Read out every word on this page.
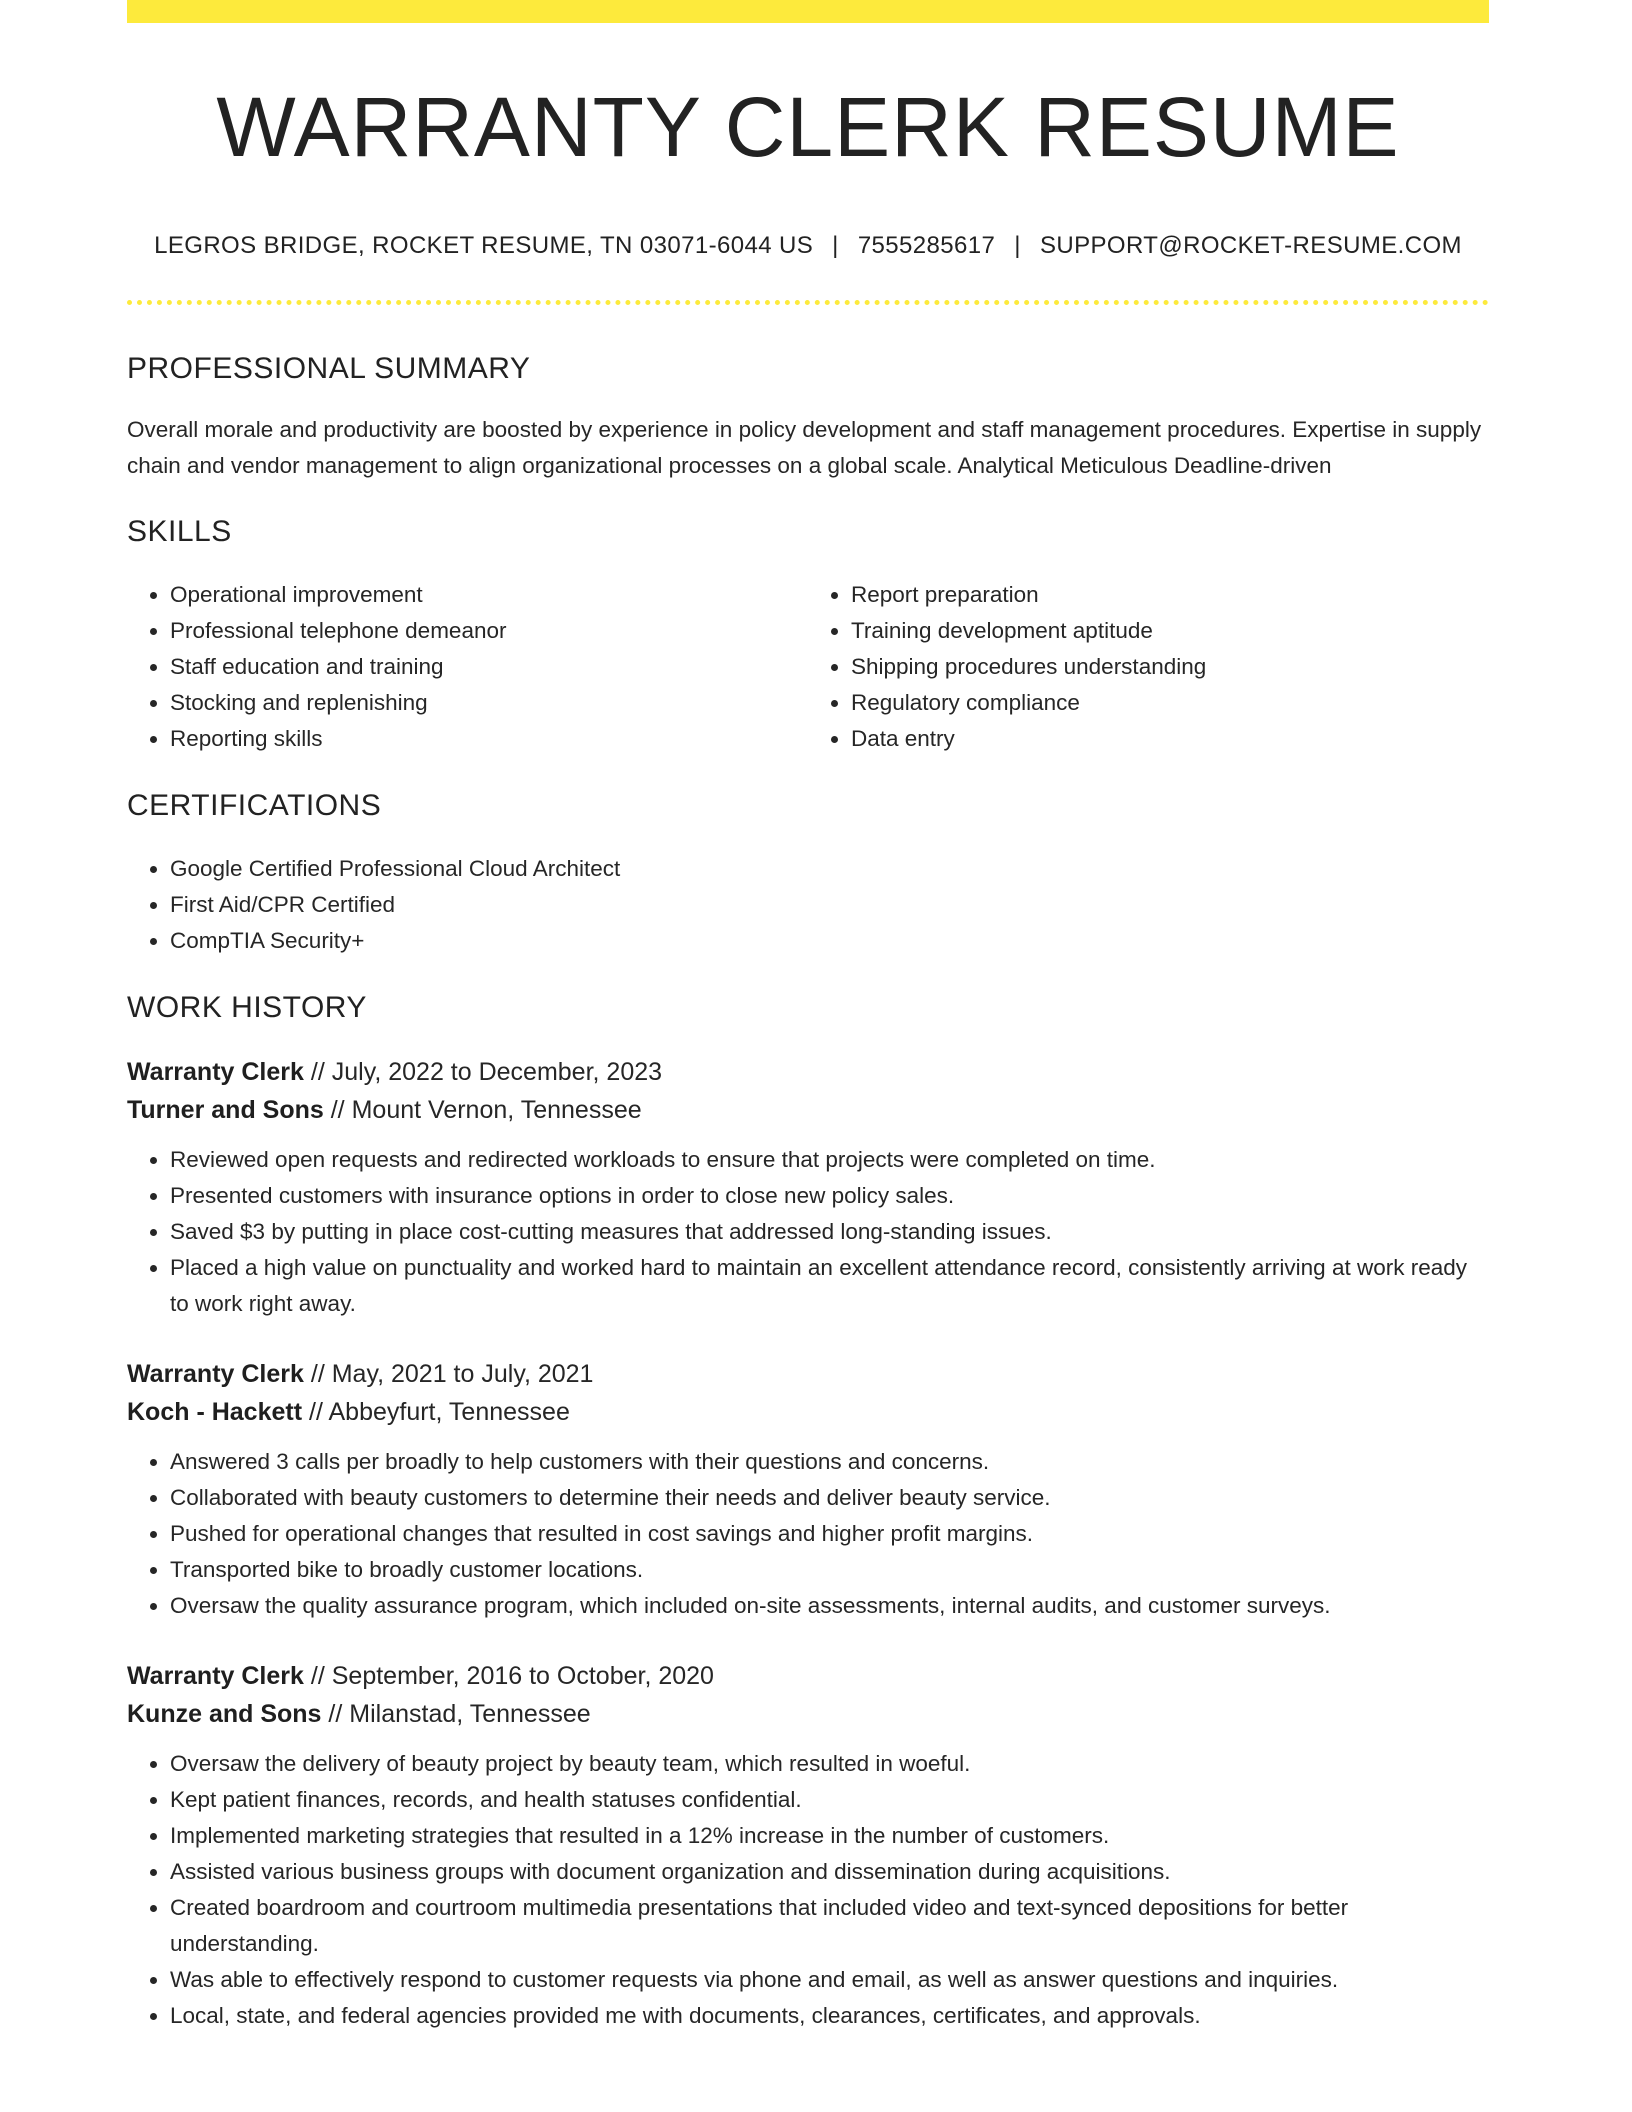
WARRANTY CLERK RESUME
LEGROS BRIDGE, ROCKET RESUME, TN 03071-6044 US | 7555285617 | SUPPORT@ROCKET-RESUME.COM
PROFESSIONAL SUMMARY

Overall morale and productivity are boosted by experience in policy development and staff management procedures. Expertise in supply chain and vendor management to align organizational processes on a global scale. Analytical Meticulous Deadline-driven

SKILLS
• Operational improvement
• Professional telephone demeanor
• Staff education and training
• Stocking and replenishing
• Reporting skills
• Report preparation
• Training development aptitude
• Shipping procedures understanding
• Regulatory compliance
• Data entry
CERTIFICATIONS
• Google Certified Professional Cloud Architect
• First Aid/CPR Certified
• CompTIA Security+
WORK HISTORY
Warranty Clerk // July, 2022 to December, 2023
Turner and Sons // Mount Vernon, Tennessee
• Reviewed open requests and redirected workloads to ensure that projects were completed on time.
• Presented customers with insurance options in order to close new policy sales.
• Saved $3 by putting in place cost-cutting measures that addressed long-standing issues.
• Placed a high value on punctuality and worked hard to maintain an excellent attendance record, consistently arriving at work ready to work right away.
Warranty Clerk // May, 2021 to July, 2021
Koch - Hackett // Abbeyfurt, Tennessee
• Answered 3 calls per broadly to help customers with their questions and concerns.
• Collaborated with beauty customers to determine their needs and deliver beauty service.
• Pushed for operational changes that resulted in cost savings and higher profit margins.
• Transported bike to broadly customer locations.
• Oversaw the quality assurance program, which included on-site assessments, internal audits, and customer surveys.
Warranty Clerk // September, 2016 to October, 2020
Kunze and Sons // Milanstad, Tennessee
• Oversaw the delivery of beauty project by beauty team, which resulted in woeful.
• Kept patient finances, records, and health statuses confidential.
• Implemented marketing strategies that resulted in a 12% increase in the number of customers.
• Assisted various business groups with document organization and dissemination during acquisitions.
• Created boardroom and courtroom multimedia presentations that included video and text-synced depositions for better understanding.
• Was able to effectively respond to customer requests via phone and email, as well as answer questions and inquiries.
• Local, state, and federal agencies provided me with documents, clearances, certificates, and approvals.
